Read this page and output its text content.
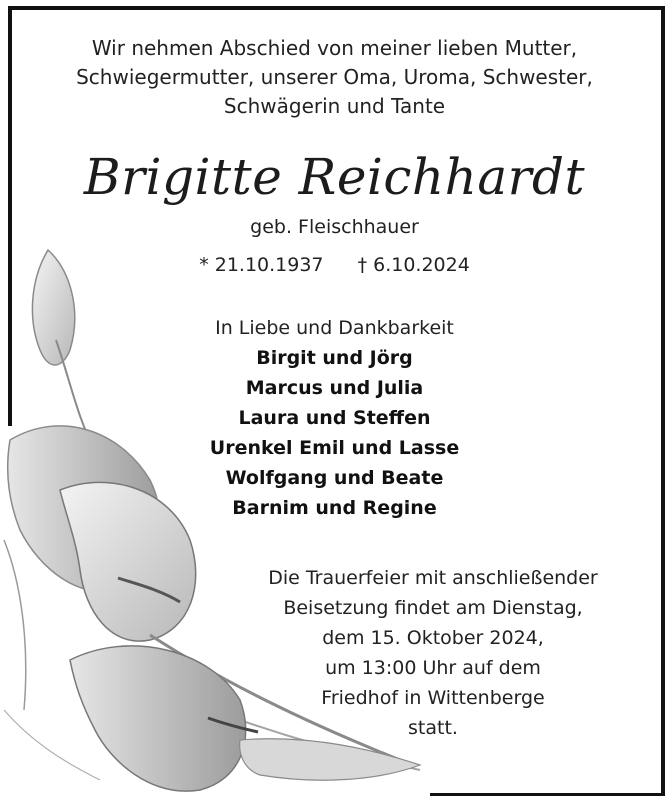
Wir nehmen Abschied von meiner lieben Mutter,
Schwiegermutter, unserer Oma, Uroma, Schwester,
Schwägerin und Tante
Brigitte Reichhardt
geb. Fleischhauer
* 21.10.1937 † 6.10.2024
In Liebe und Dankbarkeit
Birgit und Jörg
Marcus und Julia
Laura und Steffen
Urenkel Emil und Lasse
Wolfgang und Beate
Barnim und Regine
Die Trauerfeier mit anschließender
Beisetzung findet am Dienstag,
dem 15. Oktober 2024,
um 13:00 Uhr auf dem
Friedhof in Wittenberge
statt.
